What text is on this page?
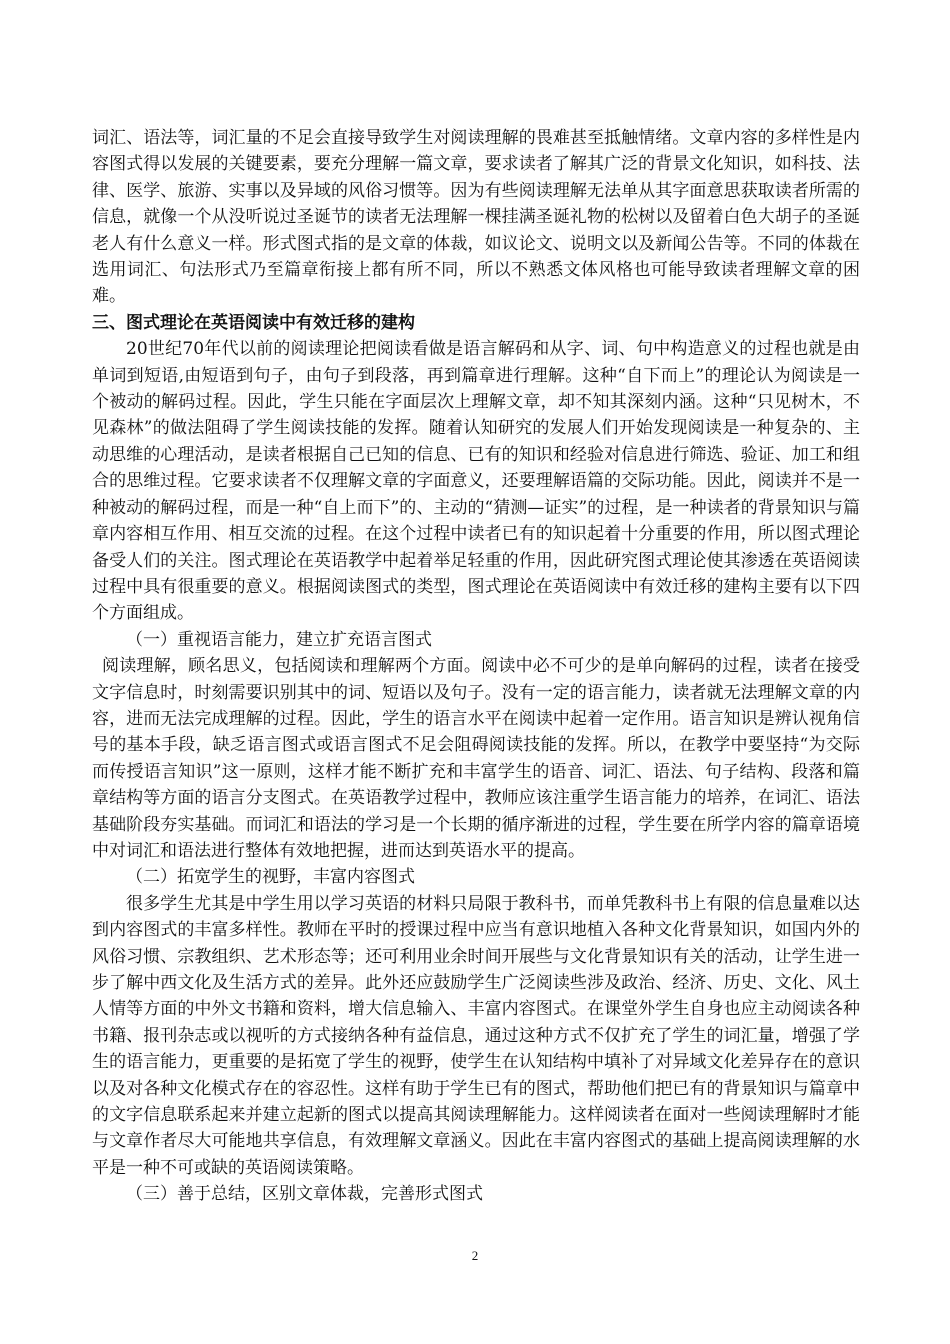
词汇、语法等，词汇量的不足会直接导致学生对阅读理解的畏难甚至抵触情绪。文章内容的多样性是内容图式得以发展的关键要素，要充分理解一篇文章，要求读者了解其广泛的背景文化知识，如科技、法律、医学、旅游、实事以及异域的风俗习惯等。因为有些阅读理解无法单从其字面意思获取读者所需的信息，就像一个从没听说过圣诞节的读者无法理解一棵挂满圣诞礼物的松树以及留着白色大胡子的圣诞老人有什么意义一样。形式图式指的是文章的体裁，如议论文、说明文以及新闻公告等。不同的体裁在选用词汇、句法形式乃至篇章衔接上都有所不同，所以不熟悉文体风格也可能导致读者理解文章的困难。

三、图式理论在英语阅读中有效迁移的建构

20世纪70年代以前的阅读理论把阅读看做是语言解码和从字、词、句中构造意义的过程也就是由单词到短语,由短语到句子，由句子到段落，再到篇章进行理解。这种“自下而上”的理论认为阅读是一个被动的解码过程。因此，学生只能在字面层次上理解文章，却不知其深刻内涵。这种“只见树木，不见森林”的做法阻碍了学生阅读技能的发挥。随着认知研究的发展人们开始发现阅读是一种复杂的、主动思维的心理活动，是读者根据自己已知的信息、已有的知识和经验对信息进行筛选、验证、加工和组合的思维过程。它要求读者不仅理解文章的字面意义，还要理解语篇的交际功能。因此，阅读并不是一种被动的解码过程，而是一种“自上而下”的、主动的“猜测—证实”的过程，是一种读者的背景知识与篇章内容相互作用、相互交流的过程。在这个过程中读者已有的知识起着十分重要的作用，所以图式理论备受人们的关注。图式理论在英语教学中起着举足轻重的作用，因此研究图式理论使其渗透在英语阅读过程中具有很重要的意义。根据阅读图式的类型，图式理论在英语阅读中有效迁移的建构主要有以下四个方面组成。

（一）重视语言能力，建立扩充语言图式

阅读理解，顾名思义，包括阅读和理解两个方面。阅读中必不可少的是单向解码的过程，读者在接受文字信息时，时刻需要识别其中的词、短语以及句子。没有一定的语言能力，读者就无法理解文章的内容，进而无法完成理解的过程。因此，学生的语言水平在阅读中起着一定作用。语言知识是辨认视角信号的基本手段，缺乏语言图式或语言图式不足会阻碍阅读技能的发挥。所以，在教学中要坚持“为交际而传授语言知识”这一原则，这样才能不断扩充和丰富学生的语音、词汇、语法、句子结构、段落和篇章结构等方面的语言分支图式。在英语教学过程中，教师应该注重学生语言能力的培养，在词汇、语法基础阶段夯实基础。而词汇和语法的学习是一个长期的循序渐进的过程，学生要在所学内容的篇章语境中对词汇和语法进行整体有效地把握，进而达到英语水平的提高。

（二）拓宽学生的视野，丰富内容图式

很多学生尤其是中学生用以学习英语的材料只局限于教科书，而单凭教科书上有限的信息量难以达到内容图式的丰富多样性。教师在平时的授课过程中应当有意识地植入各种文化背景知识，如国内外的风俗习惯、宗教组织、艺术形态等；还可利用业余时间开展些与文化背景知识有关的活动，让学生进一步了解中西文化及生活方式的差异。此外还应鼓励学生广泛阅读些涉及政治、经济、历史、文化、风土人情等方面的中外文书籍和资料，增大信息输入、丰富内容图式。在课堂外学生自身也应主动阅读各种书籍、报刊杂志或以视听的方式接纳各种有益信息，通过这种方式不仅扩充了学生的词汇量，增强了学生的语言能力，更重要的是拓宽了学生的视野，使学生在认知结构中填补了对异域文化差异存在的意识以及对各种文化模式存在的容忍性。这样有助于学生已有的图式，帮助他们把已有的背景知识与篇章中的文字信息联系起来并建立起新的图式以提高其阅读理解能力。这样阅读者在面对一些阅读理解时才能与文章作者尽大可能地共享信息，有效理解文章涵义。因此在丰富内容图式的基础上提高阅读理解的水平是一种不可或缺的英语阅读策略。

（三）善于总结，区别文章体裁，完善形式图式

2
